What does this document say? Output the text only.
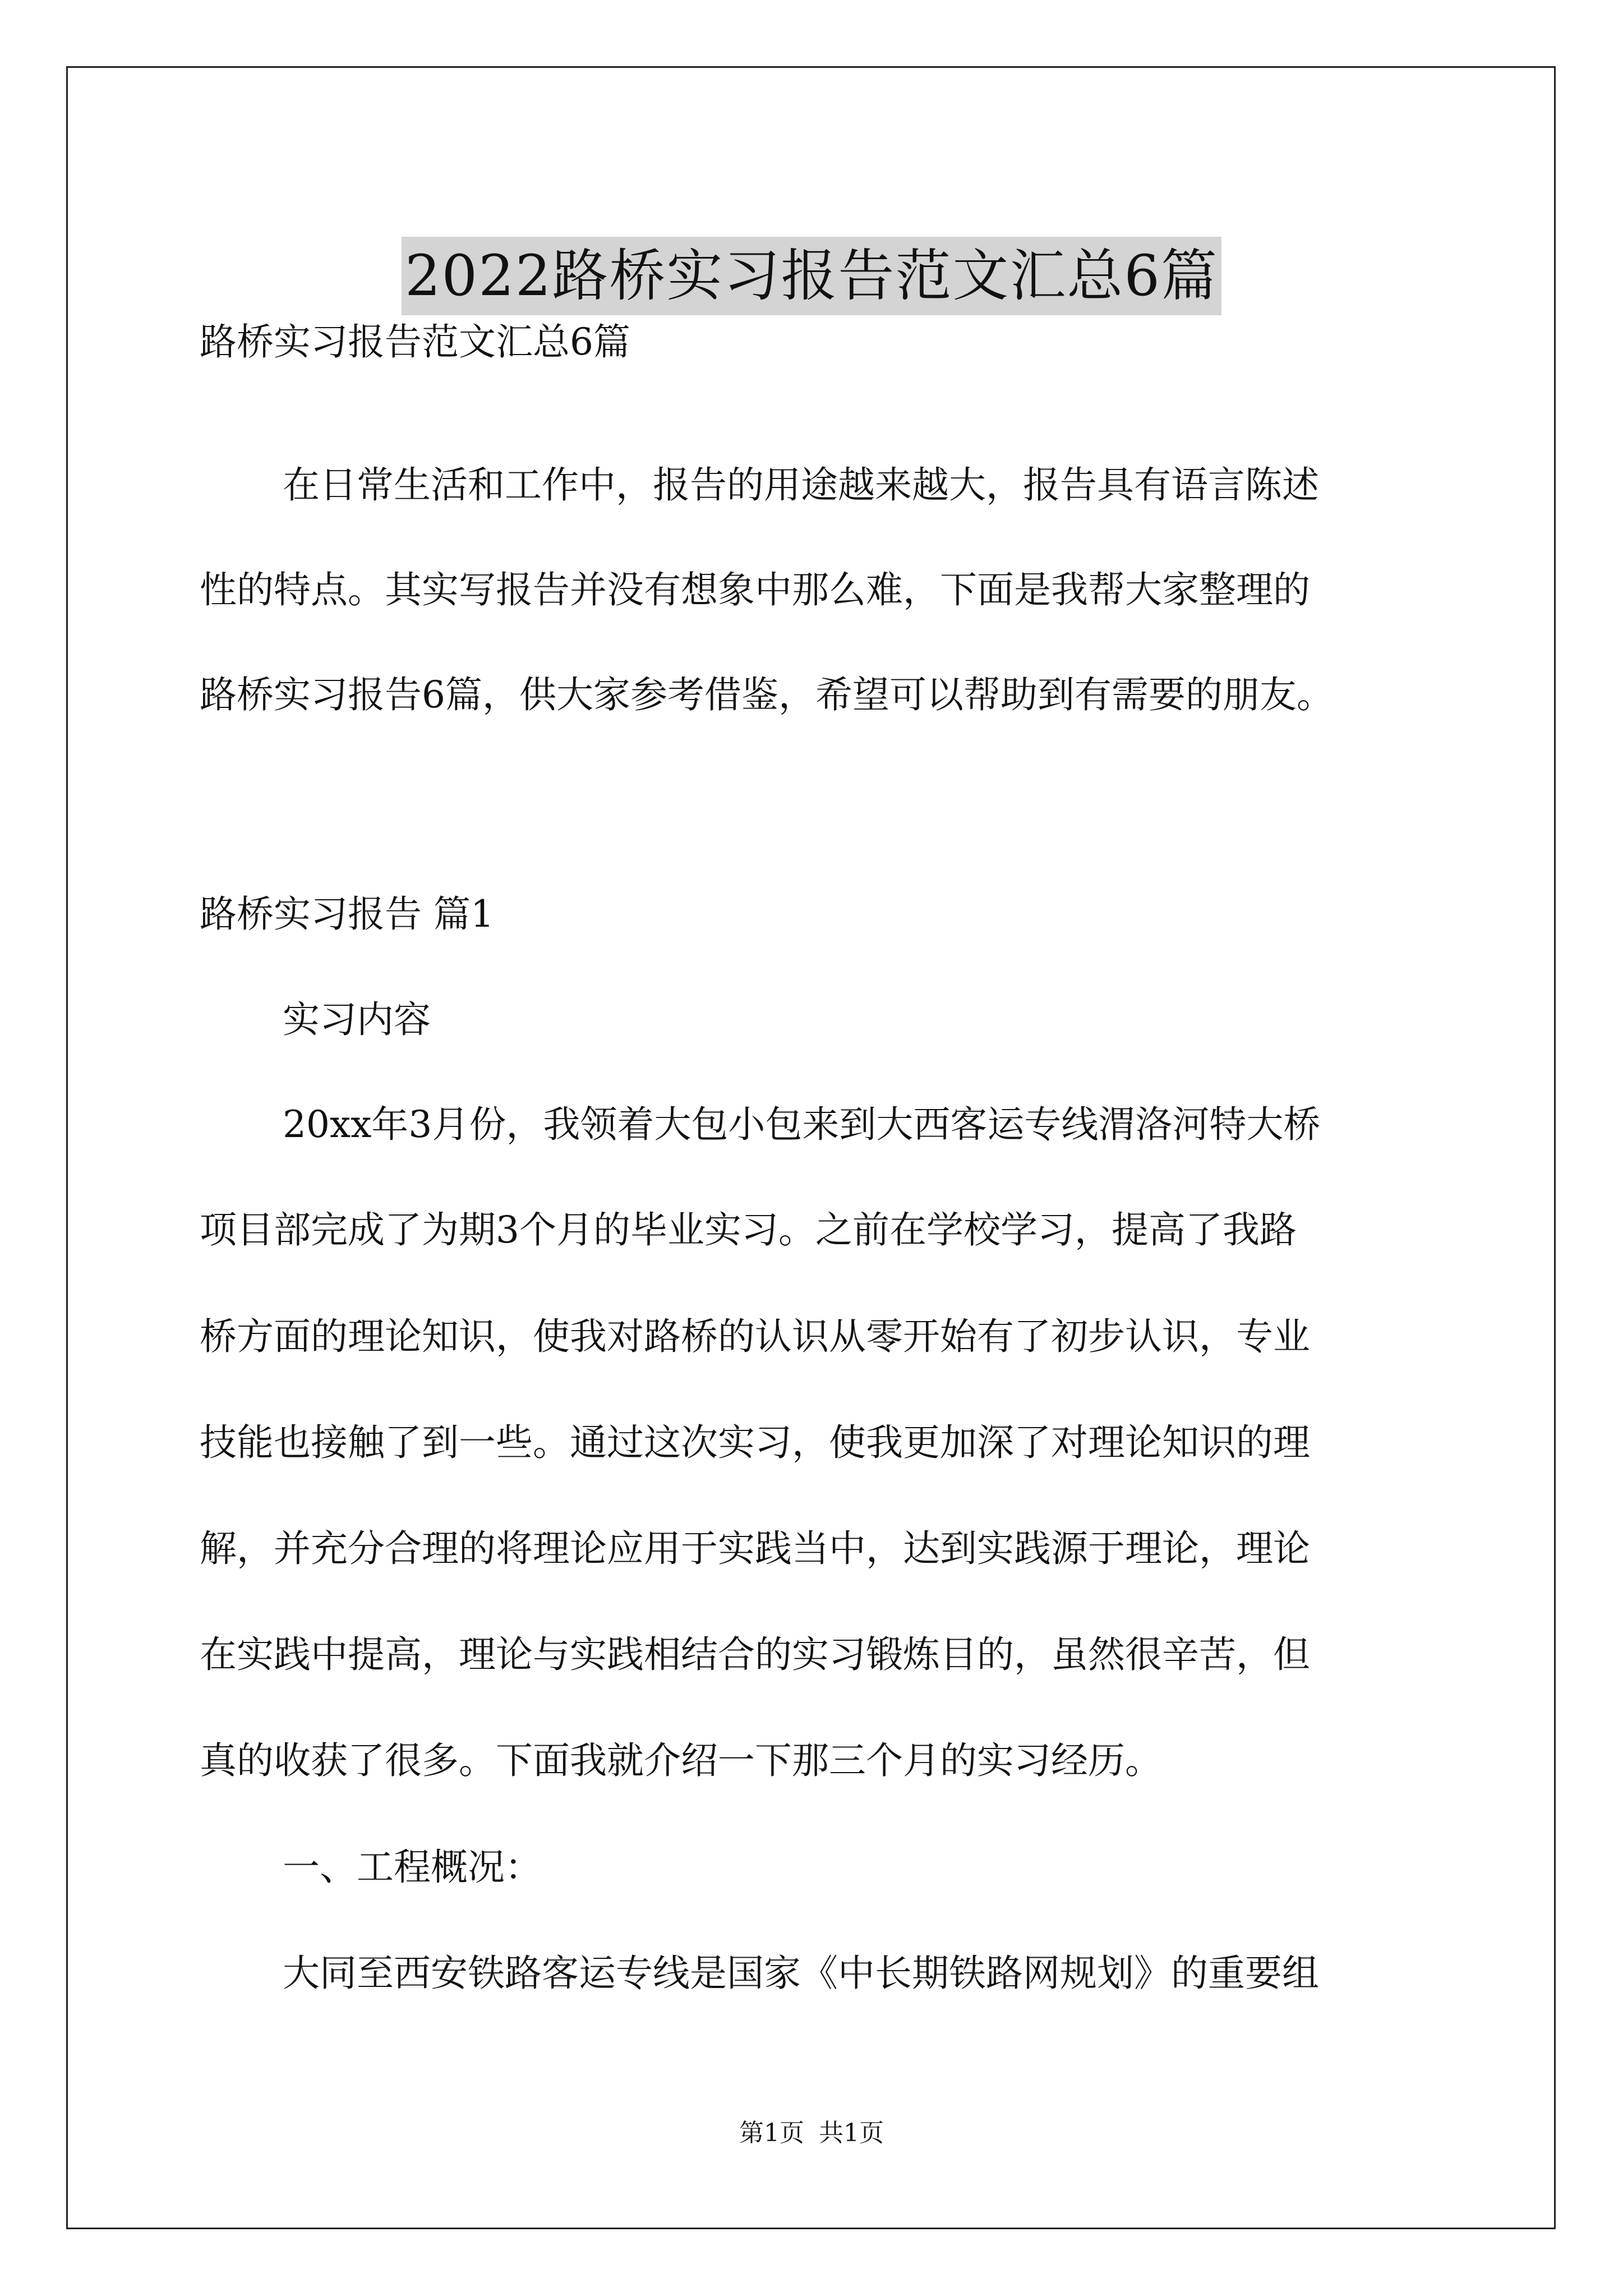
2022路桥实习报告范文汇总6篇
路桥实习报告范文汇总6篇
在日常生活和工作中，报告的用途越来越大，报告具有语言陈述
性的特点。其实写报告并没有想象中那么难，下面是我帮大家整理的
路桥实习报告6篇，供大家参考借鉴，希望可以帮助到有需要的朋友。
路桥实习报告 篇1
实习内容
20xx年3月份，我领着大包小包来到大西客运专线渭洛河特大桥
项目部完成了为期3个月的毕业实习。之前在学校学习，提高了我路
桥方面的理论知识，使我对路桥的认识从零开始有了初步认识，专业
技能也接触了到一些。通过这次实习，使我更加深了对理论知识的理
解，并充分合理的将理论应用于实践当中，达到实践源于理论，理论
在实践中提高，理论与实践相结合的实习锻炼目的，虽然很辛苦，但
真的收获了很多。下面我就介绍一下那三个月的实习经历。
一、工程概况：
大同至西安铁路客运专线是国家《中长期铁路网规划》的重要组
第1页 共1页
